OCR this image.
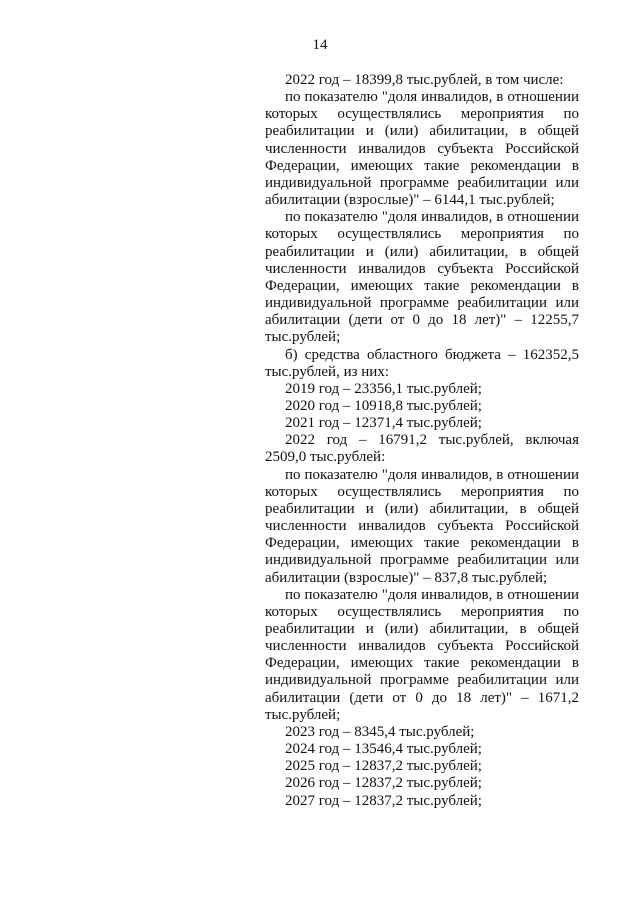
14

2022 год – 18399,8 тыс.рублей, в том числе:

по показателю "доля инвалидов, в отношении которых осуществлялись мероприятия по реабилитации и (или) абилитации, в общей численности инвалидов субъекта Российской Федерации, имеющих такие рекомендации в индивидуальной программе реабилитации или абилитации (взрослые)" – 6144,1 тыс.рублей;

по показателю "доля инвалидов, в отношении которых осуществлялись мероприятия по реабилитации и (или) абилитации, в общей численности инвалидов субъекта Российской Федерации, имеющих такие рекомендации в индивидуальной программе реабилитации или абилитации (дети от 0 до 18 лет)" – 12255,7 тыс.рублей;

б) средства областного бюджета – 162352,5 тыс.рублей, из них:

2019 год – 23356,1 тыс.рублей;

2020 год – 10918,8 тыс.рублей;

2021 год – 12371,4 тыс.рублей;

2022 год – 16791,2 тыс.рублей, включая 2509,0 тыс.рублей:

по показателю "доля инвалидов, в отношении которых осуществлялись мероприятия по реабилитации и (или) абилитации, в общей численности инвалидов субъекта Российской Федерации, имеющих такие рекомендации в индивидуальной программе реабилитации или абилитации (взрослые)" – 837,8 тыс.рублей;

по показателю "доля инвалидов, в отношении которых осуществлялись мероприятия по реабилитации и (или) абилитации, в общей численности инвалидов субъекта Российской Федерации, имеющих такие рекомендации в индивидуальной программе реабилитации или абилитации (дети от 0 до 18 лет)" – 1671,2 тыс.рублей;

2023 год – 8345,4 тыс.рублей;

2024 год – 13546,4 тыс.рублей;

2025 год – 12837,2 тыс.рублей;

2026 год – 12837,2 тыс.рублей;

2027 год – 12837,2 тыс.рублей;
